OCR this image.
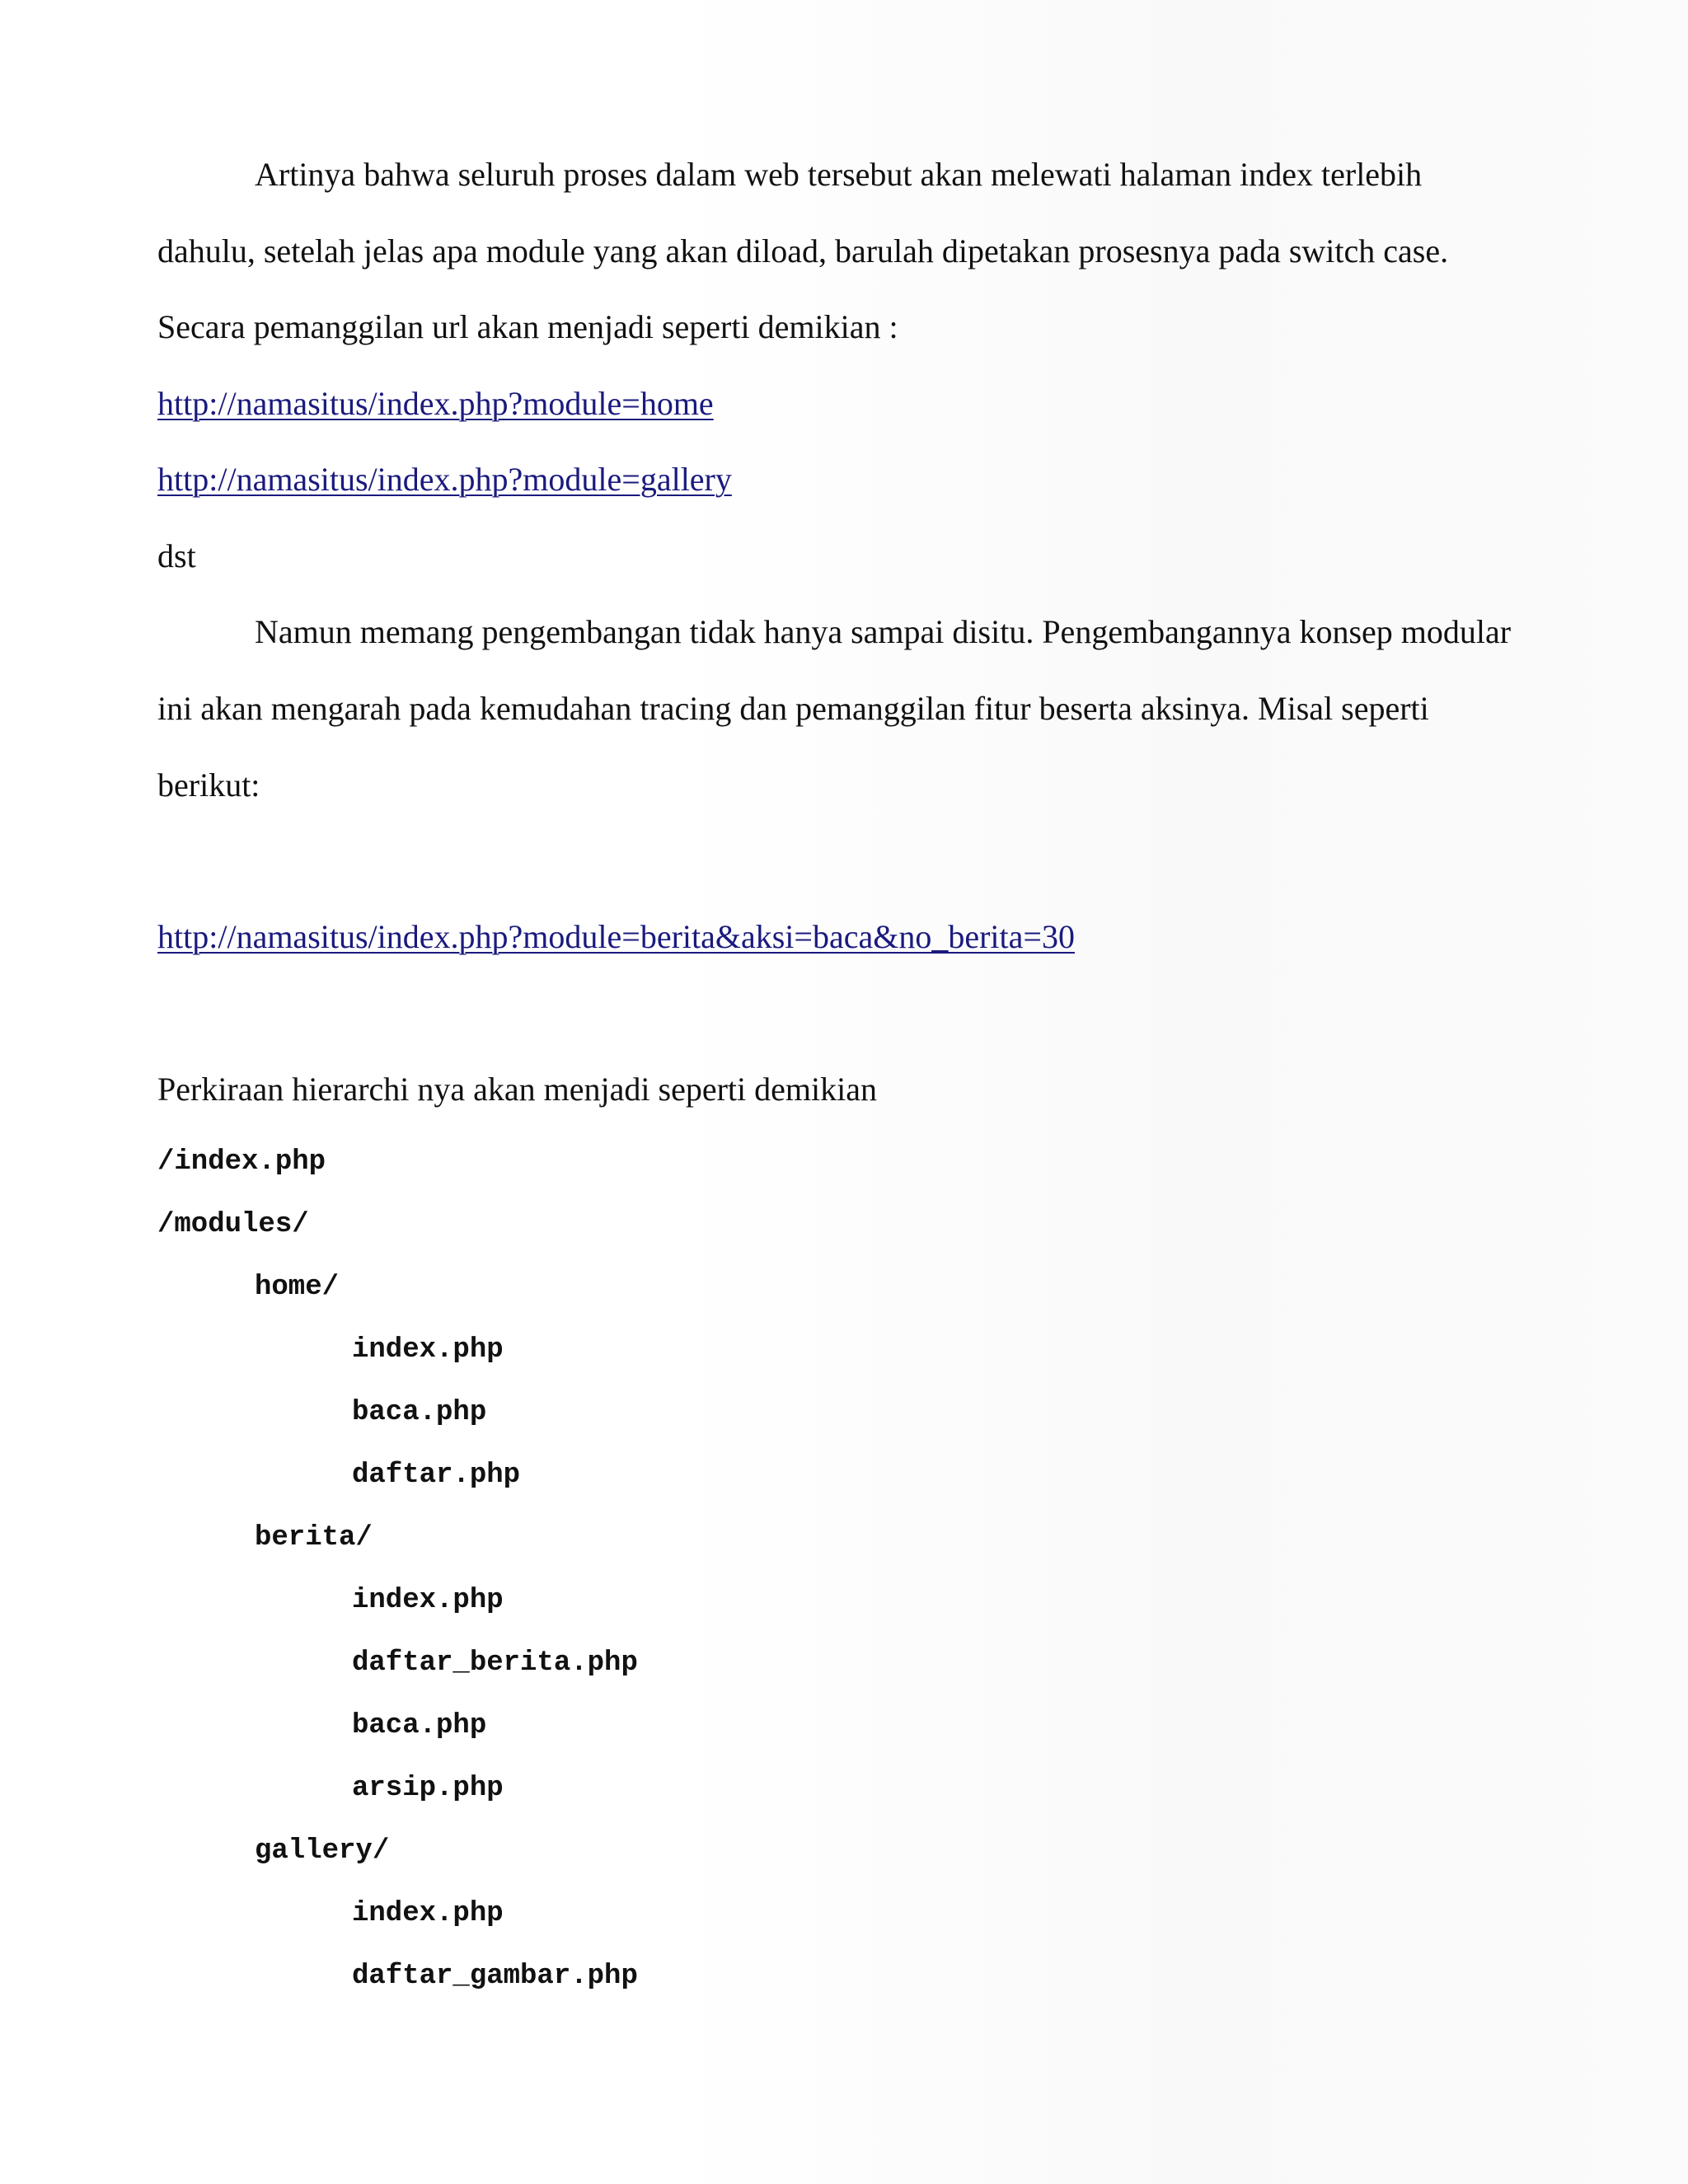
Artinya bahwa seluruh proses dalam web tersebut akan melewati halaman index terlebih
dahulu, setelah jelas apa module yang akan diload, barulah dipetakan prosesnya pada switch case.
Secara pemanggilan url akan menjadi seperti demikian :
http://namasitus/index.php?module=home
http://namasitus/index.php?module=gallery
dst
Namun memang pengembangan tidak hanya sampai disitu. Pengembangannya konsep modular
ini akan mengarah pada kemudahan tracing dan pemanggilan fitur beserta aksinya. Misal seperti
berikut:
http://namasitus/index.php?module=berita&aksi=baca&no_berita=30
Perkiraan hierarchi nya akan menjadi seperti demikian
/index.php
/modules/
home/
index.php
baca.php
daftar.php
berita/
index.php
daftar_berita.php
baca.php
arsip.php
gallery/
index.php
daftar_gambar.php
